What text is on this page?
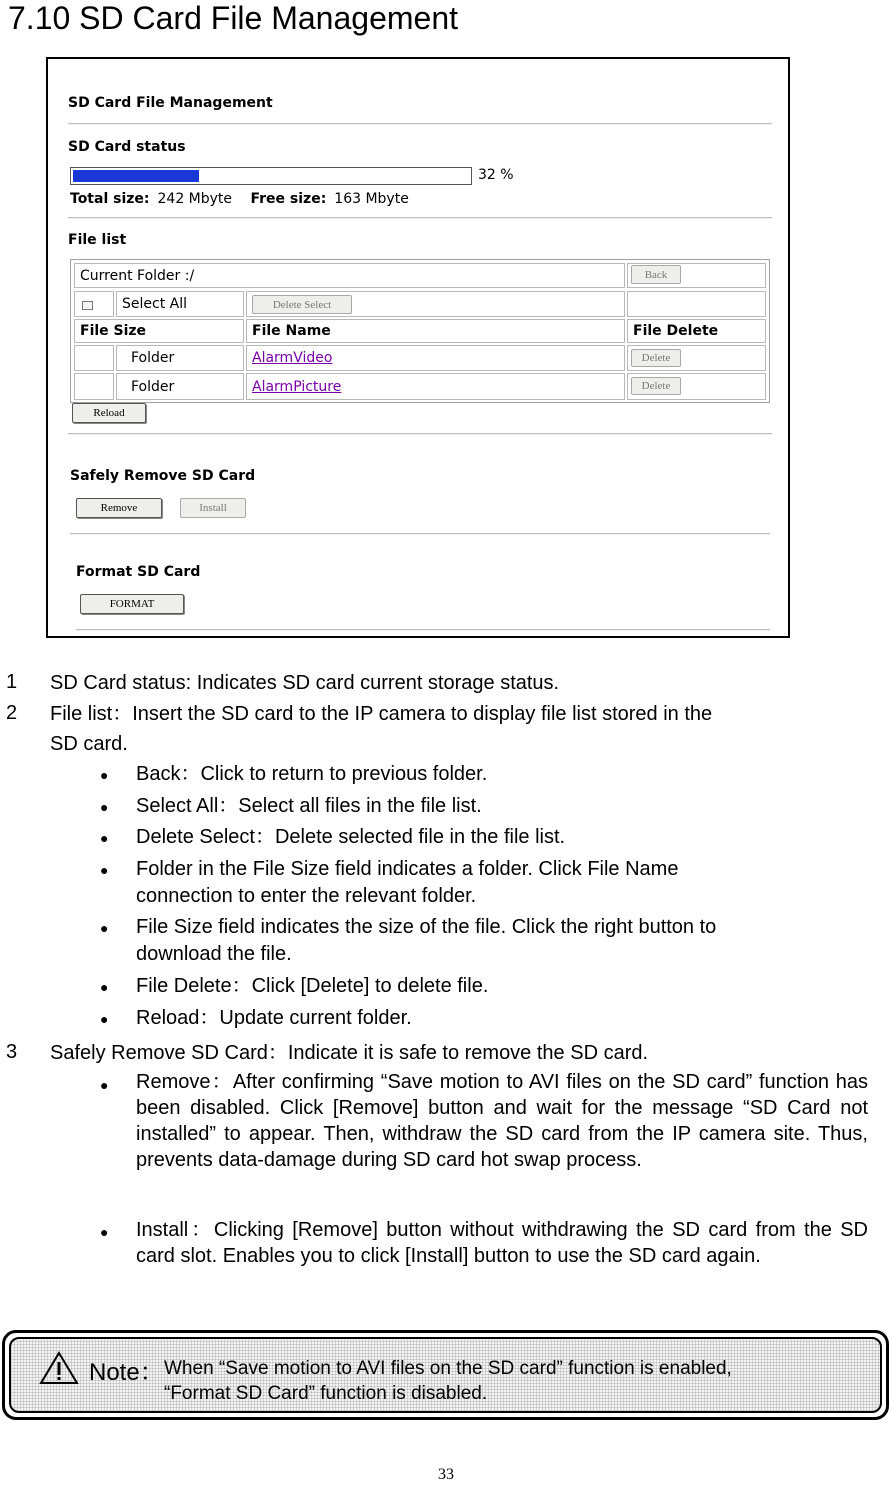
7.10 SD Card File Management
SD Card File Management
SD Card status
32 %
Total size: 242 Mbyte Free size: 163 Mbyte
File list
Current Folder :/	Back
Select All	Delete Select
File Size	File Name	File Delete
Folder	AlarmVideo	Delete
Folder	AlarmPicture	Delete
Reload
Safely Remove SD Card
Remove	Install
Format SD Card
FORMAT
1 SD Card status: Indicates SD card current storage status.
2 File list：Insert the SD card to the IP camera to display file list stored in the
SD card.
● Back：Click to return to previous folder.
● Select All：Select all files in the file list.
● Delete Select：Delete selected file in the file list.
● Folder in the File Size field indicates a folder. Click File Name
connection to enter the relevant folder.
● File Size field indicates the size of the file. Click the right button to
download the file.
● File Delete：Click [Delete] to delete file.
● Reload：Update current folder.
3 Safely Remove SD Card：Indicate it is safe to remove the SD card.
● Remove：After confirming “Save motion to AVI files on the SD card” function has been disabled. Click [Remove] button and wait for the message “SD Card not installed” to appear. Then, withdraw the SD card from the IP camera site. Thus, prevents data-damage during SD card hot swap process.
● Install：Clicking [Remove] button without withdrawing the SD card from the SD card slot. Enables you to click [Install] button to use the SD card again.
Note： When “Save motion to AVI files on the SD card” function is enabled,
“Format SD Card” function is disabled.
33
